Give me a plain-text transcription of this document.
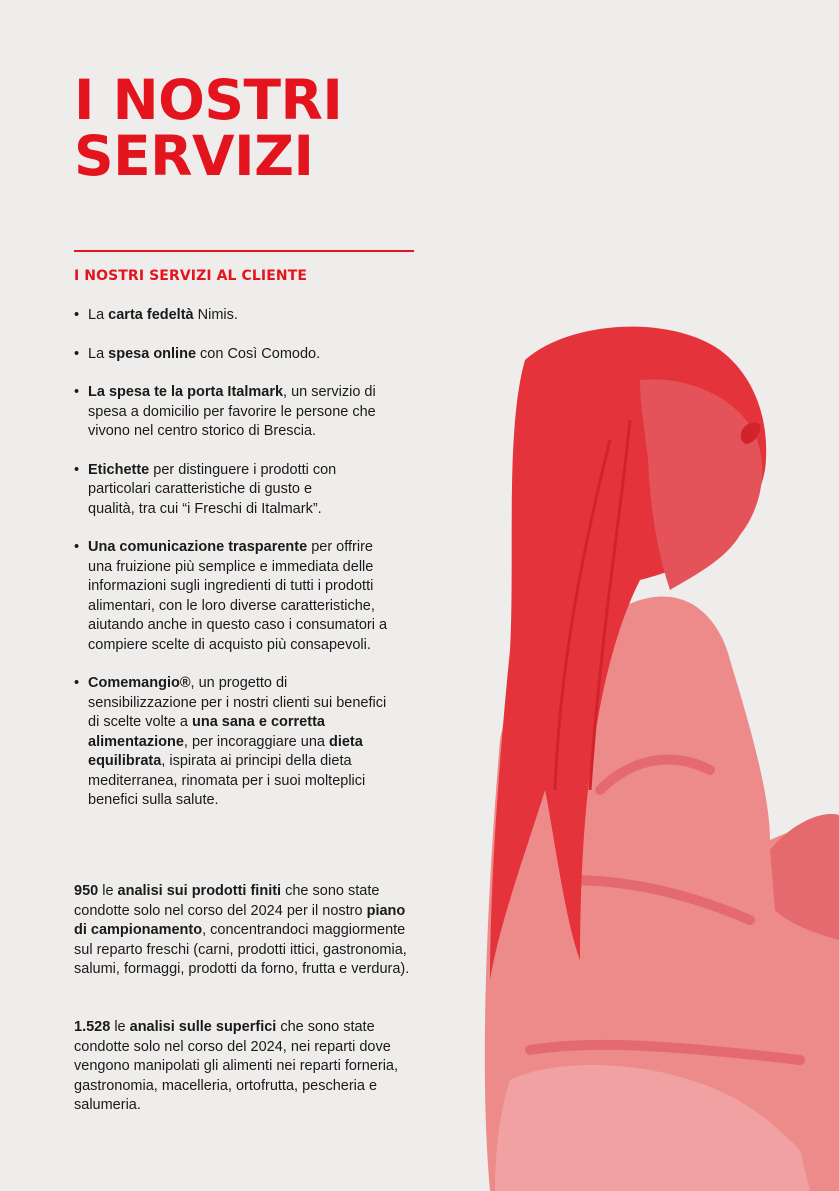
I NOSTRI
SERVIZI
I NOSTRI SERVIZI AL CLIENTE
• La carta fedeltà Nimis.
• La spesa online con Così Comodo.
• La spesa te la porta Italmark, un servizio di spesa a domicilio per favorire le persone che vivono nel centro storico di Brescia.
• Etichette per distinguere i prodotti con particolari caratteristiche di gusto e qualità, tra cui “i Freschi di Italmark”.
• Una comunicazione trasparente per offrire una fruizione più semplice e immediata delle informazioni sugli ingredienti di tutti i prodotti alimentari, con le loro diverse caratteristiche, aiutando anche in questo caso i consumatori a compiere scelte di acquisto più consapevoli.
• Comemangio®, un progetto di sensibilizzazione per i nostri clienti sui benefici di scelte volte a una sana e corretta alimentazione, per incoraggiare una dieta equilibrata, ispirata ai principi della dieta mediterranea, rinomata per i suoi molteplici benefici sulla salute.

950 le analisi sui prodotti finiti che sono state condotte solo nel corso del 2024 per il nostro piano di campionamento, concentrandoci maggiormente sul reparto freschi (carni, prodotti ittici, gastronomia, salumi, formaggi, prodotti da forno, frutta e verdura).

1.528 le analisi sulle superfici che sono state condotte solo nel corso del 2024, nei reparti dove vengono manipolati gli alimenti nei reparti forneria, gastronomia, macelleria, ortofrutta, pescheria e salumeria.
